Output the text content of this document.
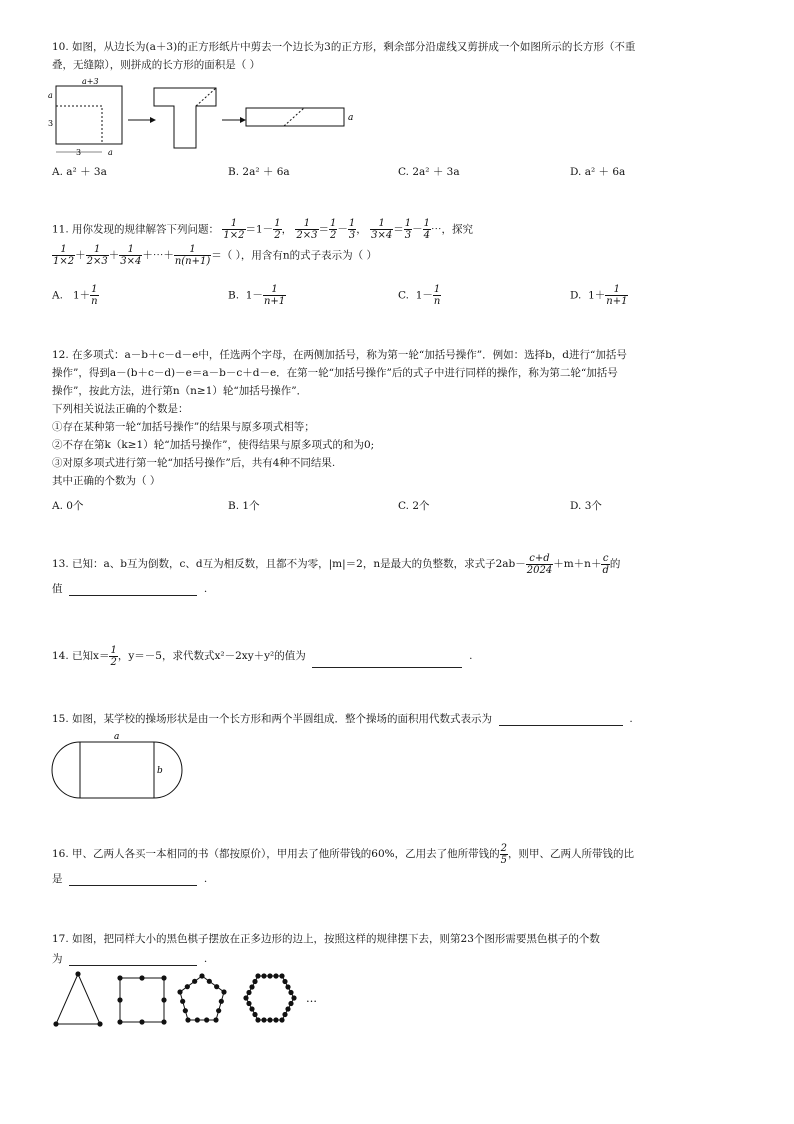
10. 如图，从边长为(a＋3)的正方形纸片中剪去一个边长为3的正方形，剩余部分沿虚线又剪拼成一个如图所示的长方形（不重
叠，无缝隙），则拼成的长方形的面积是（ ）
a+3
a
3
3	a
a
A. a² ＋ 3a	B. 2a² ＋ 6a	C. 2a² ＋ 3a	D. a² ＋ 6a
11. 用你发现的规律解答下列问题： $\frac{1}{1\times 2} =1- \frac{1}{2}$ ， $\frac{1}{2\times 3} = \frac{1}{2} - \frac{1}{3}$ ， $\frac{1}{3\times 4} = \frac{1}{3} - \frac{1}{4}$ ⋯，探究
$\frac{1}{1\times 2} + \frac{1}{2\times 3} + \frac{1}{3\times 4}$ ＋⋯＋ $\frac{1}{n(n+1)}$ ＝（ ），用含有n的式子表示为（ ）
A. $1+ \frac{1}{n}$	B. $1- \frac{1}{n+1}$	C. $1- \frac{1}{n}$	D. $1+ \frac{1}{n+1}$
12. 在多项式：a－b＋c－d－e中，任选两个字母，在两侧加括号，称为第一轮“加括号操作”．例如：选择b，d进行“加括号
操作”，得到a－(b＋c－d)－e＝a－b－c＋d－e．在第一轮“加括号操作”后的式子中进行同样的操作，称为第二轮“加括号
操作”，按此方法，进行第n（n≥1）轮“加括号操作”．
下列相关说法正确的个数是：
①存在某种第一轮“加括号操作”的结果与原多项式相等；
②不存在第k（k≥1）轮“加括号操作”，使得结果与原多项式的和为0;
③对原多项式进行第一轮“加括号操作”后，共有4种不同结果.
其中正确的个数为（ ）
A. 0个	B. 1个	C. 2个	D. 3个
13. 已知：a、b互为倒数，c、d互为相反数，且都不为零，|m|＝2，n是最大的负整数，求式子$2ab- \frac{c+d}{2024} +m+n+ \frac{c}{d}$ 的
值	.
14. 已知$x= \frac{1}{2}$ ，y＝－5，求代数式x²－2xy＋y²的值为	.
15. 如图，某学校的操场形状是由一个长方形和两个半圆组成．整个操场的面积用代数式表示为	.
a
b
16. 甲、乙两人各买一本相同的书（都按原价），甲用去了他所带钱的60%，乙用去了他所带钱的 $\frac{2}{5}$ ，则甲、乙两人所带钱的比
是	.
17. 如图，把同样大小的黑色棋子摆放在正多边形的边上，按照这样的规律摆下去，则第23个图形需要黑色棋子的个数
为	.
…
